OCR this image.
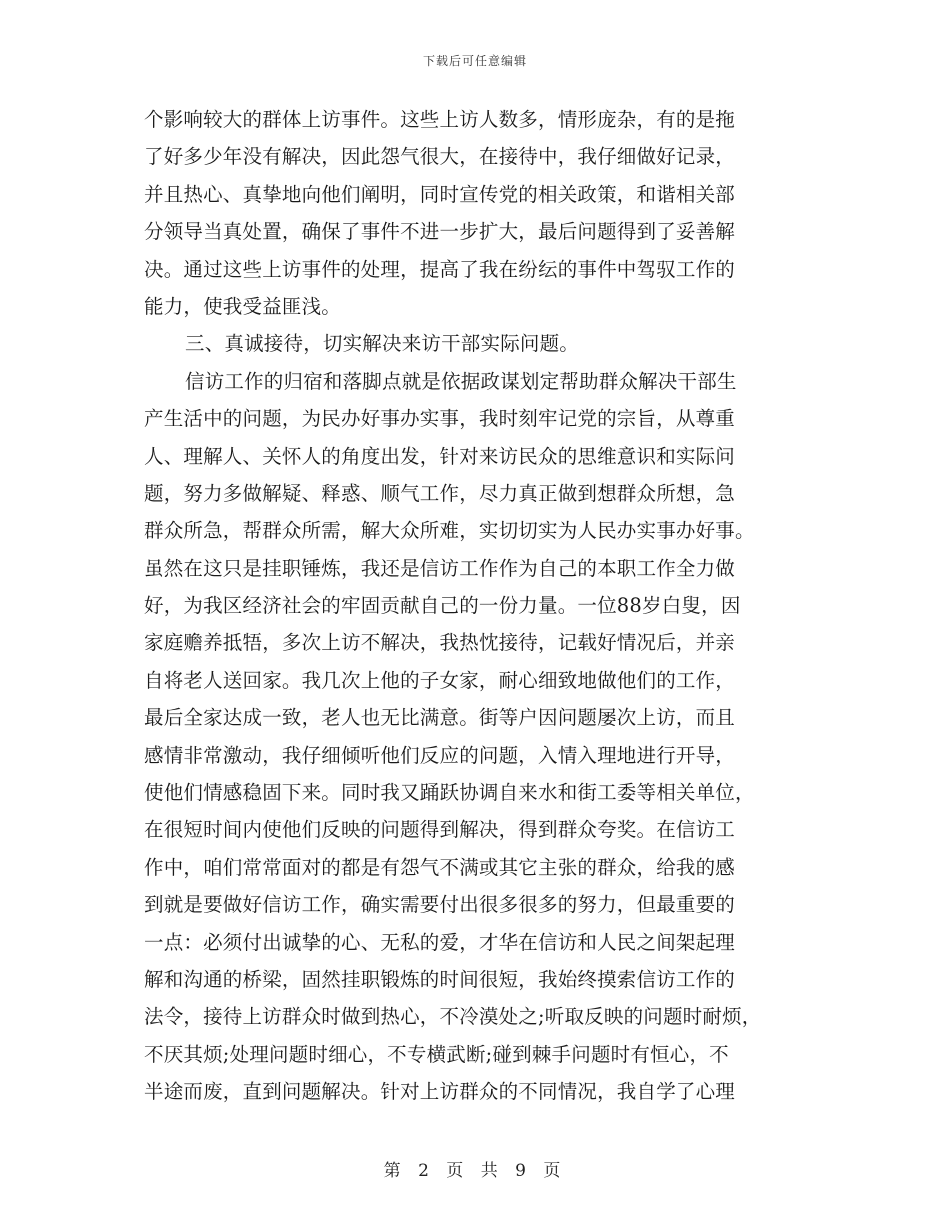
下载后可任意编辑
个影响较大的群体上访事件。这些上访人数多，情形庞杂，有的是拖
了好多少年没有解决，因此怨气很大，在接待中，我仔细做好记录，
并且热心、真挚地向他们阐明，同时宣传党的相关政策，和谐相关部
分领导当真处置，确保了事件不进一步扩大，最后问题得到了妥善解
决。通过这些上访事件的处理，提高了我在纷纭的事件中驾驭工作的
能力，使我受益匪浅。
三、真诚接待，切实解决来访干部实际问题。
信访工作的归宿和落脚点就是依据政谋划定帮助群众解决干部生
产生活中的问题，为民办好事办实事，我时刻牢记党的宗旨，从尊重
人、理解人、关怀人的角度出发，针对来访民众的思维意识和实际问
题，努力多做解疑、释惑、顺气工作，尽力真正做到想群众所想，急
群众所急，帮群众所需，解大众所难，实切切实为人民办实事办好事。
虽然在这只是挂职锤炼，我还是信访工作作为自己的本职工作全力做
好，为我区经济社会的牢固贡献自己的一份力量。一位88岁白叟，因
家庭赡养抵牾，多次上访不解决，我热忱接待，记载好情况后，并亲
自将老人送回家。我几次上他的子女家，耐心细致地做他们的工作，
最后全家达成一致，老人也无比满意。街等户因问题屡次上访，而且
感情非常激动，我仔细倾听他们反应的问题，入情入理地进行开导，
使他们情感稳固下来。同时我又踊跃协调自来水和街工委等相关单位，
在很短时间内使他们反映的问题得到解决，得到群众夸奖。在信访工
作中，咱们常常面对的都是有怨气不满或其它主张的群众，给我的感
到就是要做好信访工作，确实需要付出很多很多的努力，但最重要的
一点：必须付出诚挚的心、无私的爱，才华在信访和人民之间架起理
解和沟通的桥梁，固然挂职锻炼的时间很短，我始终摸索信访工作的
法令，接待上访群众时做到热心，不冷漠处之;听取反映的问题时耐烦，
不厌其烦;处理问题时细心，不专横武断;碰到棘手问题时有恒心，不
半途而废，直到问题解决。针对上访群众的不同情况，我自学了心理
第 2 页 共 9 页
